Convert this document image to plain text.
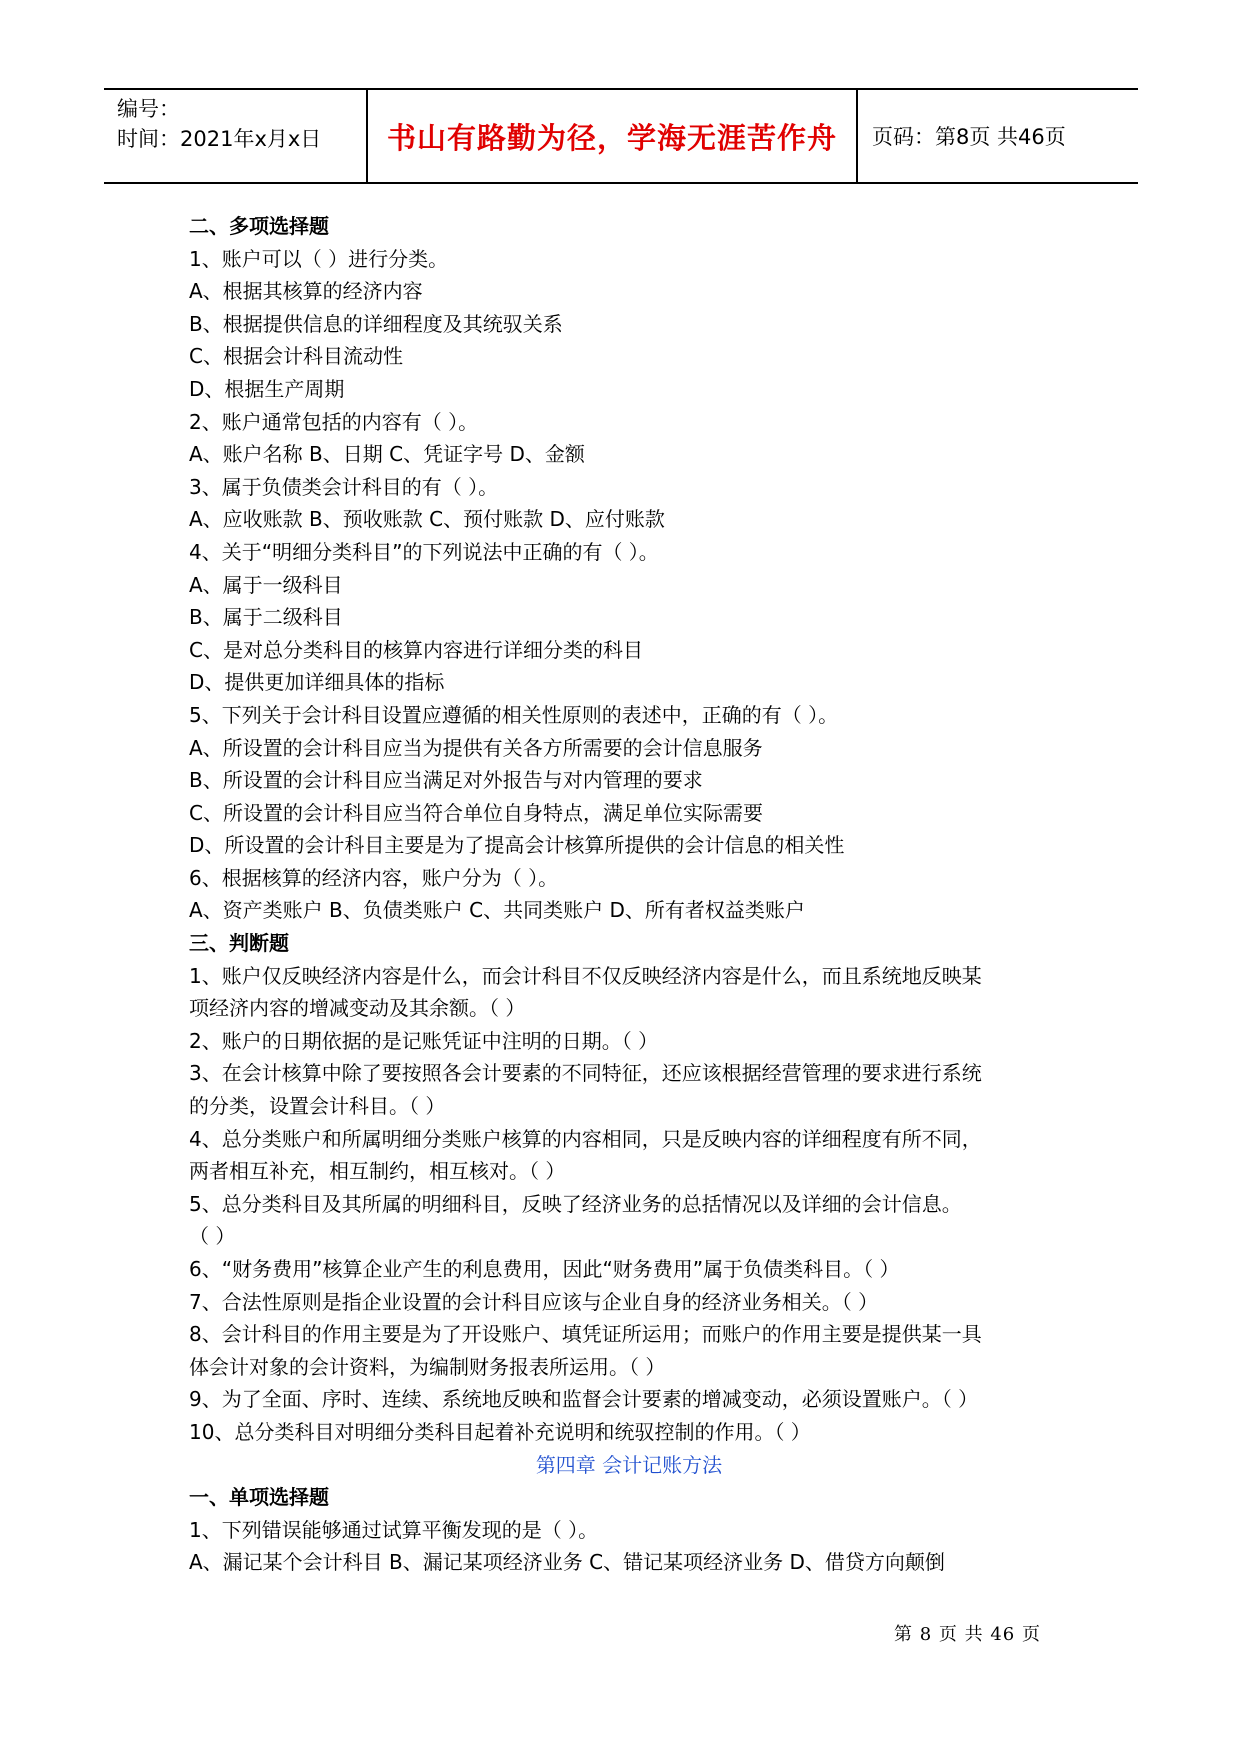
编号：
时间：2021年x月x日	书山有路勤为径，学海无涯苦作舟	页码：第8页 共46页
二、多项选择题
1、账户可以（ ）进行分类。
A、根据其核算的经济内容
B、根据提供信息的详细程度及其统驭关系
C、根据会计科目流动性
D、根据生产周期
2、账户通常包括的内容有（ ）。
A、账户名称 B、日期 C、凭证字号 D、金额
3、属于负债类会计科目的有（ ）。
A、应收账款 B、预收账款 C、预付账款 D、应付账款
4、关于“明细分类科目”的下列说法中正确的有（ ）。
A、属于一级科目
B、属于二级科目
C、是对总分类科目的核算内容进行详细分类的科目
D、提供更加详细具体的指标
5、下列关于会计科目设置应遵循的相关性原则的表述中，正确的有（ ）。
A、所设置的会计科目应当为提供有关各方所需要的会计信息服务
B、所设置的会计科目应当满足对外报告与对内管理的要求
C、所设置的会计科目应当符合单位自身特点，满足单位实际需要
D、所设置的会计科目主要是为了提高会计核算所提供的会计信息的相关性
6、根据核算的经济内容，账户分为（ ）。
A、资产类账户 B、负债类账户 C、共同类账户 D、所有者权益类账户
三、判断题
1、账户仅反映经济内容是什么，而会计科目不仅反映经济内容是什么，而且系统地反映某
项经济内容的增减变动及其余额。（ ）
2、账户的日期依据的是记账凭证中注明的日期。（ ）
3、在会计核算中除了要按照各会计要素的不同特征，还应该根据经营管理的要求进行系统
的分类，设置会计科目。（ ）
4、总分类账户和所属明细分类账户核算的内容相同，只是反映内容的详细程度有所不同，
两者相互补充，相互制约，相互核对。（ ）
5、总分类科目及其所属的明细科目，反映了经济业务的总括情况以及详细的会计信息。
（ ）
6、“财务费用”核算企业产生的利息费用，因此“财务费用”属于负债类科目。（ ）
7、合法性原则是指企业设置的会计科目应该与企业自身的经济业务相关。（ ）
8、会计科目的作用主要是为了开设账户、填凭证所运用；而账户的作用主要是提供某一具
体会计对象的会计资料，为编制财务报表所运用。（ ）
9、为了全面、序时、连续、系统地反映和监督会计要素的增减变动，必须设置账户。（ ）
10、总分类科目对明细分类科目起着补充说明和统驭控制的作用。（ ）
第四章 会计记账方法
一、单项选择题
1、下列错误能够通过试算平衡发现的是（ ）。
A、漏记某个会计科目 B、漏记某项经济业务 C、错记某项经济业务 D、借贷方向颠倒
第 8 页 共 46 页
